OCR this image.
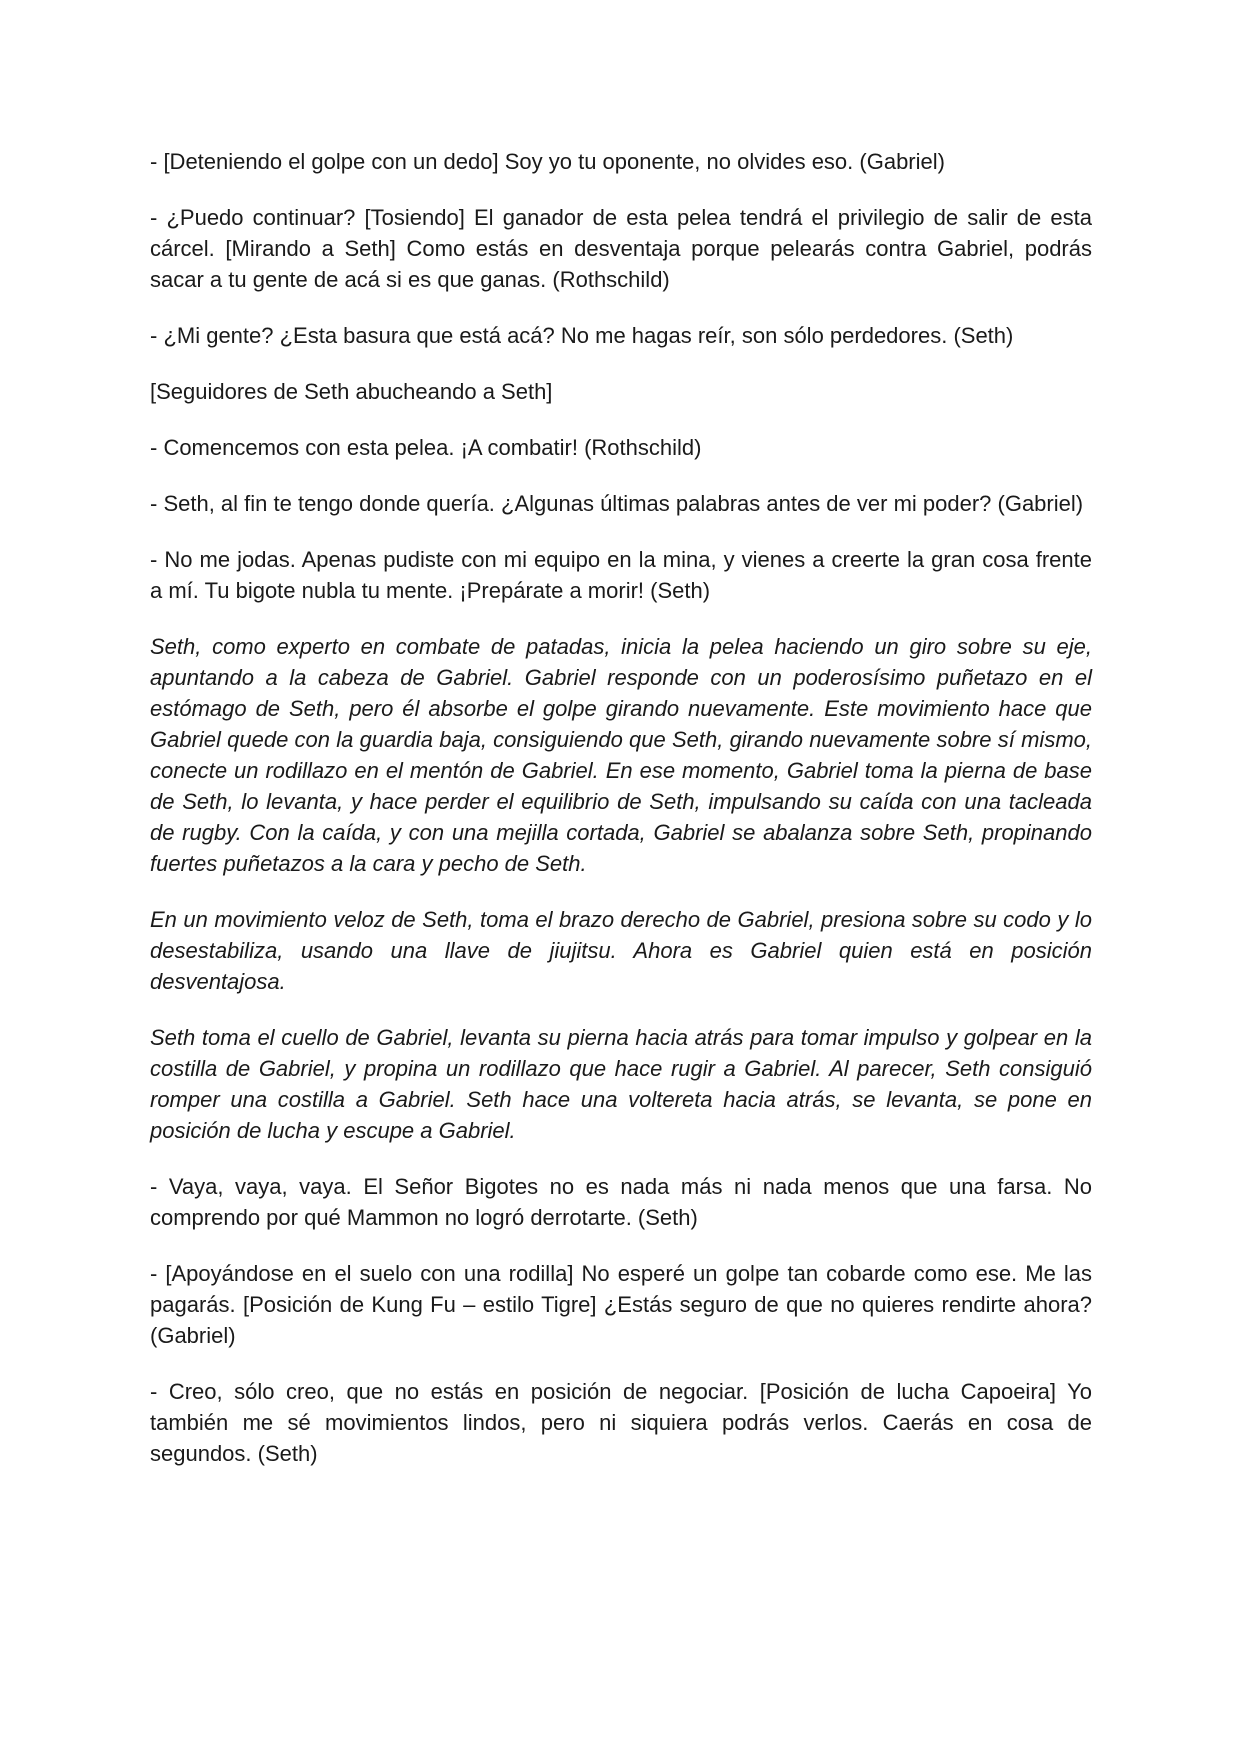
- [Deteniendo el golpe con un dedo] Soy yo tu oponente, no olvides eso. (Gabriel)

- ¿Puedo continuar? [Tosiendo] El ganador de esta pelea tendrá el privilegio de salir de esta cárcel. [Mirando a Seth] Como estás en desventaja porque pelearás contra Gabriel, podrás sacar a tu gente de acá si es que ganas. (Rothschild)

- ¿Mi gente? ¿Esta basura que está acá? No me hagas reír, son sólo perdedores. (Seth)

[Seguidores de Seth abucheando a Seth]

- Comencemos con esta pelea. ¡A combatir! (Rothschild)

- Seth, al fin te tengo donde quería. ¿Algunas últimas palabras antes de ver mi poder? (Gabriel)

- No me jodas. Apenas pudiste con mi equipo en la mina, y vienes a creerte la gran cosa frente a mí. Tu bigote nubla tu mente. ¡Prepárate a morir! (Seth)

Seth, como experto en combate de patadas, inicia la pelea haciendo un giro sobre su eje, apuntando a la cabeza de Gabriel. Gabriel responde con un poderosísimo puñetazo en el estómago de Seth, pero él absorbe el golpe girando nuevamente. Este movimiento hace que Gabriel quede con la guardia baja, consiguiendo que Seth, girando nuevamente sobre sí mismo, conecte un rodillazo en el mentón de Gabriel. En ese momento, Gabriel toma la pierna de base de Seth, lo levanta, y hace perder el equilibrio de Seth, impulsando su caída con una tacleada de rugby. Con la caída, y con una mejilla cortada, Gabriel se abalanza sobre Seth, propinando fuertes puñetazos a la cara y pecho de Seth.

En un movimiento veloz de Seth, toma el brazo derecho de Gabriel, presiona sobre su codo y lo desestabiliza, usando una llave de jiujitsu. Ahora es Gabriel quien está en posición desventajosa.

Seth toma el cuello de Gabriel, levanta su pierna hacia atrás para tomar impulso y golpear en la costilla de Gabriel, y propina un rodillazo que hace rugir a Gabriel. Al parecer, Seth consiguió romper una costilla a Gabriel. Seth hace una voltereta hacia atrás, se levanta, se pone en posición de lucha y escupe a Gabriel.

- Vaya, vaya, vaya. El Señor Bigotes no es nada más ni nada menos que una farsa. No comprendo por qué Mammon no logró derrotarte. (Seth)

- [Apoyándose en el suelo con una rodilla] No esperé un golpe tan cobarde como ese. Me las pagarás. [Posición de Kung Fu – estilo Tigre] ¿Estás seguro de que no quieres rendirte ahora? (Gabriel)

- Creo, sólo creo, que no estás en posición de negociar. [Posición de lucha Capoeira] Yo también me sé movimientos lindos, pero ni siquiera podrás verlos. Caerás en cosa de segundos. (Seth)
